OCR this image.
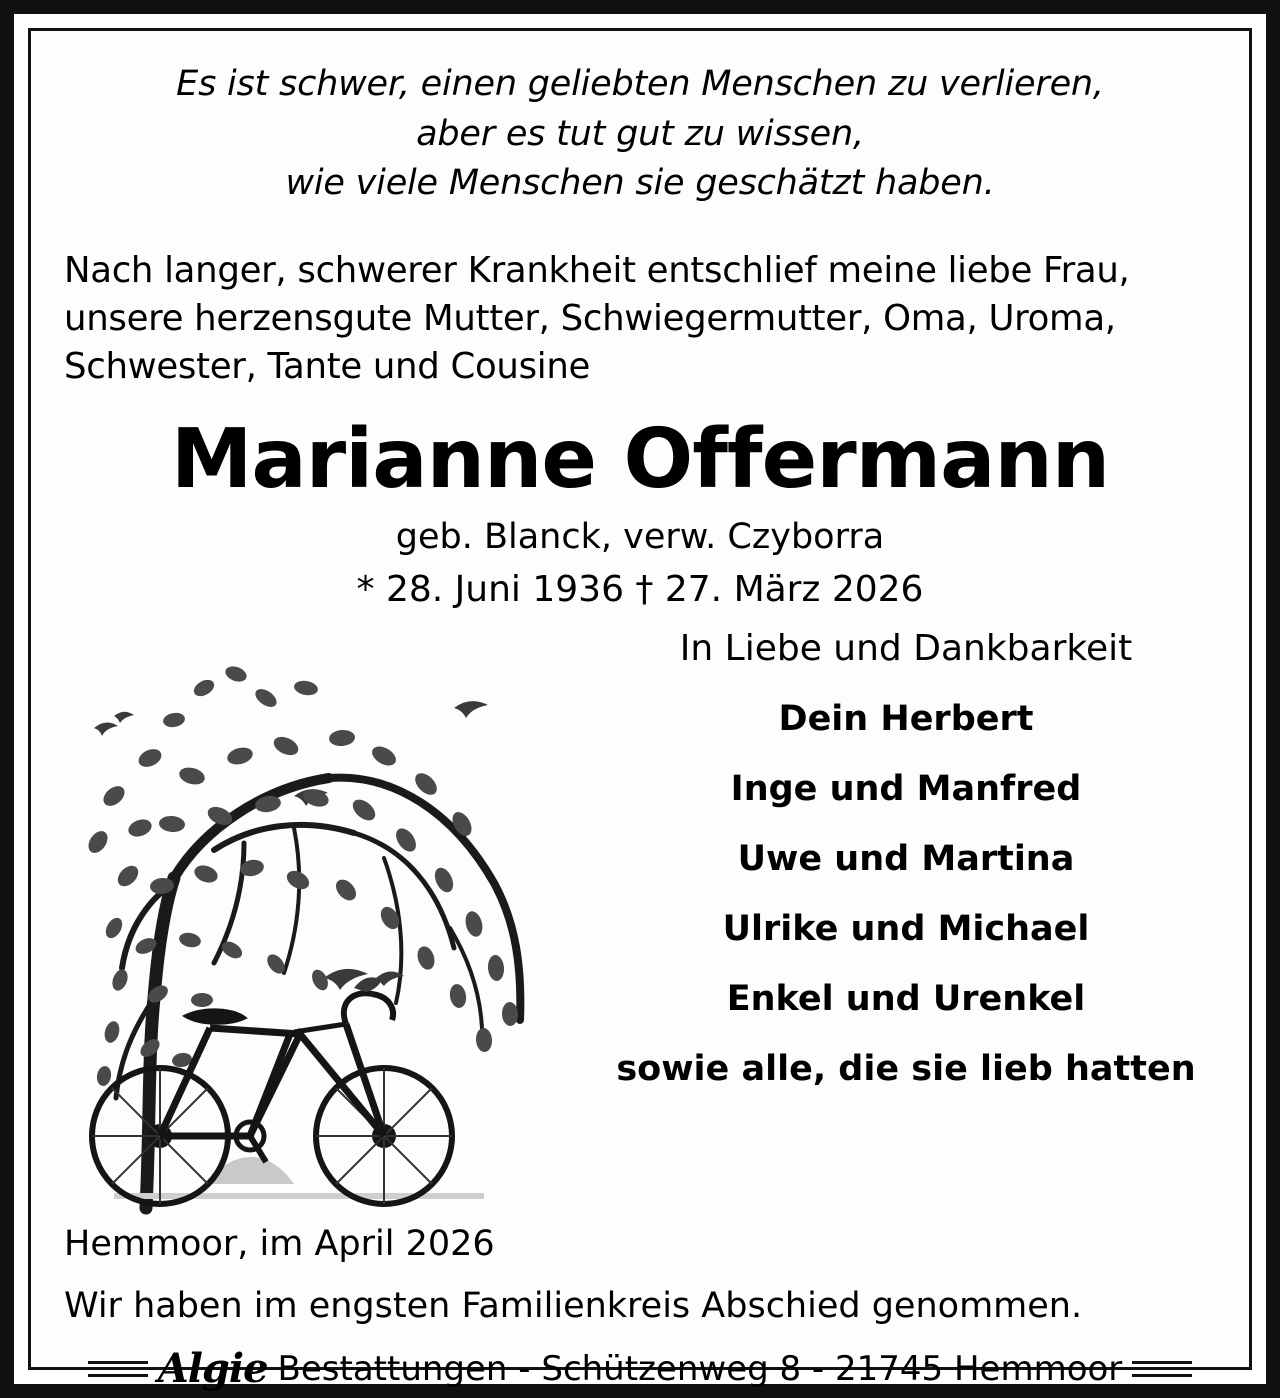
Es ist schwer, einen geliebten Menschen zu verlieren,
aber es tut gut zu wissen,
wie viele Menschen sie geschätzt haben.
Nach langer, schwerer Krankheit entschlief meine liebe Frau,
unsere herzensgute Mutter, Schwiegermutter, Oma, Uroma,
Schwester, Tante und Cousine
Marianne Offermann
geb. Blanck, verw. Czyborra
* 28. Juni 1936 † 27. März 2026
In Liebe und Dankbarkeit
Dein Herbert
Inge und Manfred
Uwe und Martina
Ulrike und Michael
Enkel und Urenkel
sowie alle, die sie lieb hatten
Hemmoor, im April 2026
Wir haben im engsten Familienkreis Abschied genommen.
Algie Bestattungen - Schützenweg 8 - 21745 Hemmoor
